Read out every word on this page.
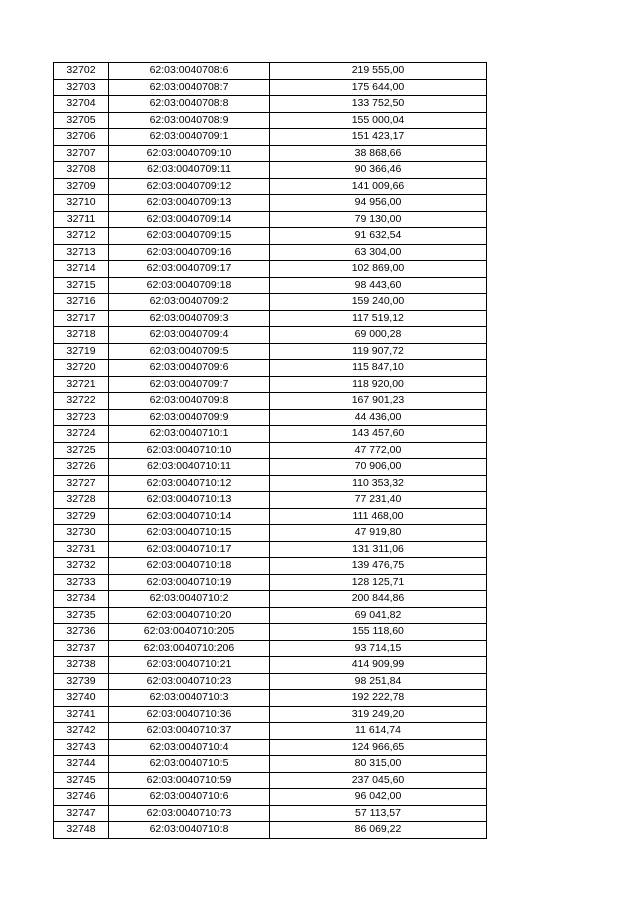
32702	62:03:0040708:6	219 555,00
32703	62:03:0040708:7	175 644,00
32704	62:03:0040708:8	133 752,50
32705	62:03:0040708:9	155 000,04
32706	62:03:0040709:1	151 423,17
32707	62:03:0040709:10	38 868,66
32708	62:03:0040709:11	90 366,46
32709	62:03:0040709:12	141 009,66
32710	62:03:0040709:13	94 956,00
32711	62:03:0040709:14	79 130,00
32712	62:03:0040709:15	91 632,54
32713	62:03:0040709:16	63 304,00
32714	62:03:0040709:17	102 869,00
32715	62:03:0040709:18	98 443,60
32716	62:03:0040709:2	159 240,00
32717	62:03:0040709:3	117 519,12
32718	62:03:0040709:4	69 000,28
32719	62:03:0040709:5	119 907,72
32720	62:03:0040709:6	115 847,10
32721	62:03:0040709:7	118 920,00
32722	62:03:0040709:8	167 901,23
32723	62:03:0040709:9	44 436,00
32724	62:03:0040710:1	143 457,60
32725	62:03:0040710:10	47 772,00
32726	62:03:0040710:11	70 906,00
32727	62:03:0040710:12	110 353,32
32728	62:03:0040710:13	77 231,40
32729	62:03:0040710:14	111 468,00
32730	62:03:0040710:15	47 919,80
32731	62:03:0040710:17	131 311,06
32732	62:03:0040710:18	139 476,75
32733	62:03:0040710:19	128 125,71
32734	62:03:0040710:2	200 844,86
32735	62:03:0040710:20	69 041,82
32736	62:03:0040710:205	155 118,60
32737	62:03:0040710:206	93 714,15
32738	62:03:0040710:21	414 909,99
32739	62:03:0040710:23	98 251,84
32740	62:03:0040710:3	192 222,78
32741	62:03:0040710:36	319 249,20
32742	62:03:0040710:37	11 614,74
32743	62:03:0040710:4	124 966,65
32744	62:03:0040710:5	80 315,00
32745	62:03:0040710:59	237 045,60
32746	62:03:0040710:6	96 042,00
32747	62:03:0040710:73	57 113,57
32748	62:03:0040710:8	86 069,22
